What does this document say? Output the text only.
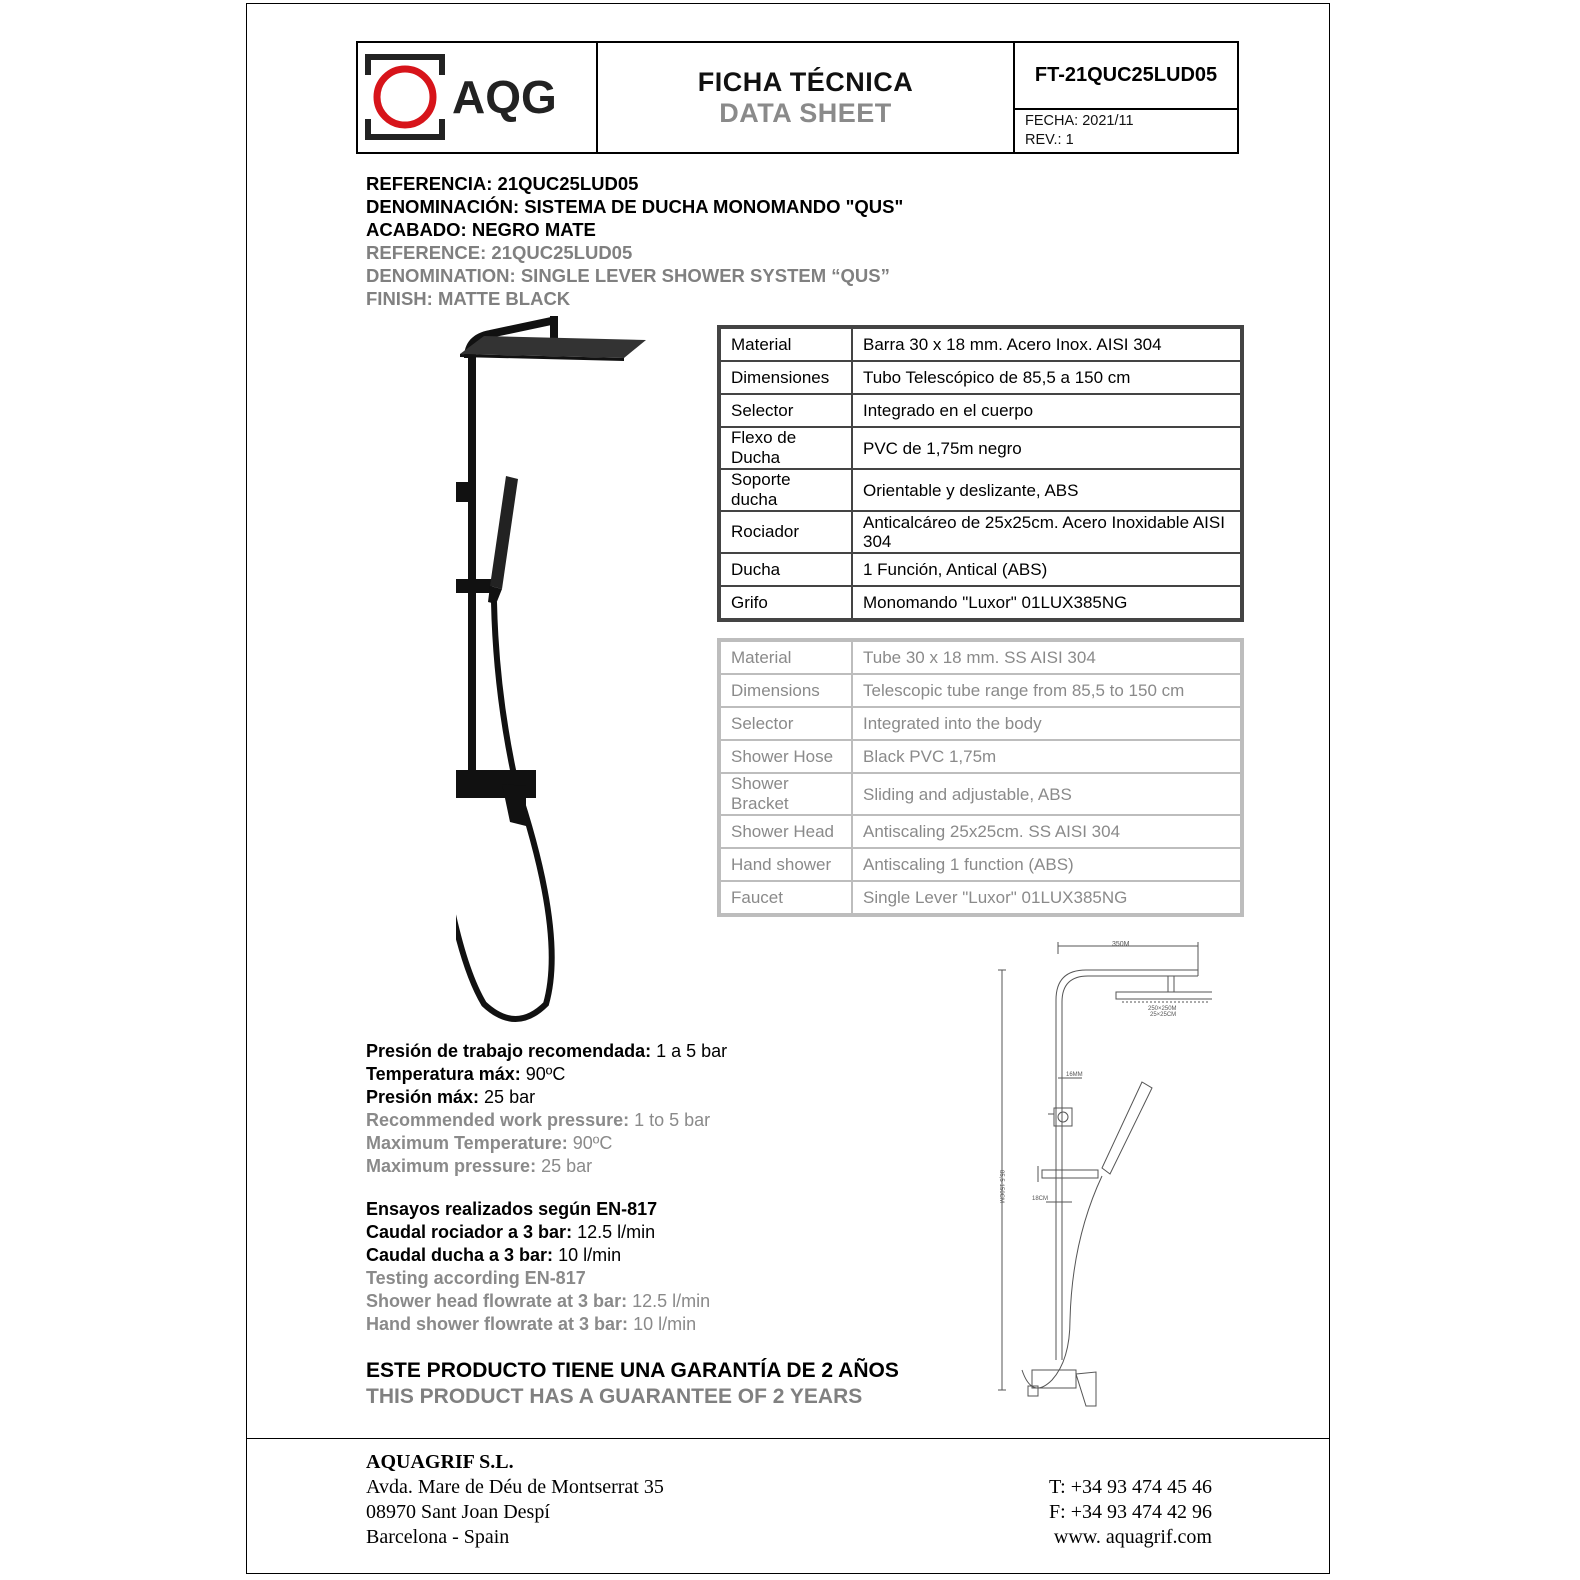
AQG	FICHA TÉCNICA
DATA SHEET
FT-21QUC25LUD05
FECHA: 2021/11
REV.: 1
REFERENCIA: 21QUC25LUD05
DENOMINACIÓN: SISTEMA DE DUCHA MONOMANDO "QUS"
ACABADO: NEGRO MATE
REFERENCE: 21QUC25LUD05
DENOMINATION: SINGLE LEVER SHOWER SYSTEM “QUS”
FINISH: MATTE BLACK
Material	Barra 30 x 18 mm. Acero Inox. AISI 304
Dimensiones	Tubo Telescópico de 85,5 a 150 cm
Selector	Integrado en el cuerpo
Flexo de Ducha	PVC de 1,75m negro
Soporte ducha	Orientable y deslizante, ABS
Rociador	Anticalcáreo de 25x25cm. Acero Inoxidable AISI 304
Ducha	1 Función, Antical (ABS)
Grifo	Monomando "Luxor" 01LUX385NG
Material	Tube 30 x 18 mm. SS AISI 304
Dimensions	Telescopic tube range from 85,5 to 150 cm
Selector	Integrated into the body
Shower Hose	Black PVC 1,75m
Shower Bracket	Sliding and adjustable, ABS
Shower Head	Antiscaling 25x25cm. SS AISI 304
Hand shower	Antiscaling 1 function (ABS)
Faucet	Single Lever "Luxor" 01LUX385NG
350M
250×250M
25×25CM
16MM
18CM
85,5-150CM
Presión de trabajo recomendada: 1 a 5 bar
Temperatura máx: 90ºC
Presión máx: 25 bar
Recommended work pressure: 1 to 5 bar
Maximum Temperature: 90ºC
Maximum pressure: 25 bar
Ensayos realizados según EN-817
Caudal rociador a 3 bar: 12.5 l/min
Caudal ducha a 3 bar: 10 l/min
Testing according EN-817
Shower head flowrate at 3 bar: 12.5 l/min
Hand shower flowrate at 3 bar: 10 l/min
ESTE PRODUCTO TIENE UNA GARANTÍA DE 2 AÑOS
THIS PRODUCT HAS A GUARANTEE OF 2 YEARS
AQUAGRIF S.L.
Avda. Mare de Déu de Montserrat 35
08970 Sant Joan Despí
Barcelona - Spain
T: +34 93 474 45 46
F: +34 93 474 42 96
www. aquagrif.com
